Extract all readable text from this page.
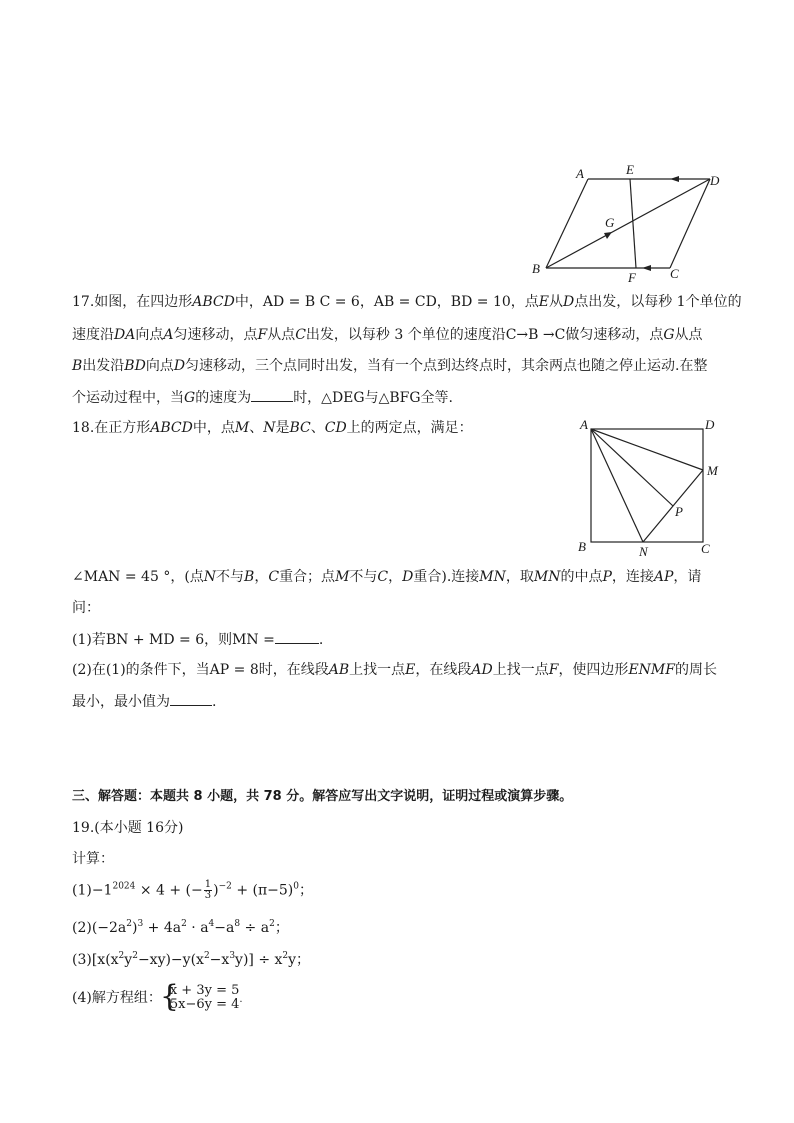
A	E
D
G
B
F	C
17.如图，在四边形ABCD中，AD = B C = 6，AB = CD，BD = 10，点E从D点出发，以每秒 1个单位的
速度沿DA向点A匀速移动，点F从点C出发，以每秒 3 个单位的速度沿C→B →C做匀速移动，点G从点
B出发沿BD向点D匀速移动，三个点同时出发，当有一个点到达终点时，其余两点也随之停止运动.在整
个运动过程中，当G的速度为	时，△DEG与△BFG全等.
18.在正方形ABCD中，点M、N是BC、CD上的两定点，满足：	A	D
M
P
B	N	C
∠MAN = 45 °，(点N不与B，C重合；点M不与C，D重合).连接MN，取MN的中点P，连接AP，请
问：
(1)若BN + MD = 6，则MN =	.
(2)在(1)的条件下，当AP = 8时，在线段AB上找一点E，在线段AD上找一点F，使四边形ENMF的周长
最小，最小值为	.
三、解答题：本题共 8 小题，共 78 分。解答应写出文字说明，证明过程或演算步骤。
19.(本小题 16分)
计算：
$(1)-1^{2024} \times 4$ + (− $\frac{1}{3} )^{-2} + (\pi-5)^0$；
$(2)(-2a^2)^3 + 4a^2 \cdot a^4-a^8 \div a^2$；
$(3)[x(x^2y^2-xy)-y(x^2-x^3y)] \div x^2y$；
(4)解方程组：
{ x + 3y = 5
5x−6y = 4 .
